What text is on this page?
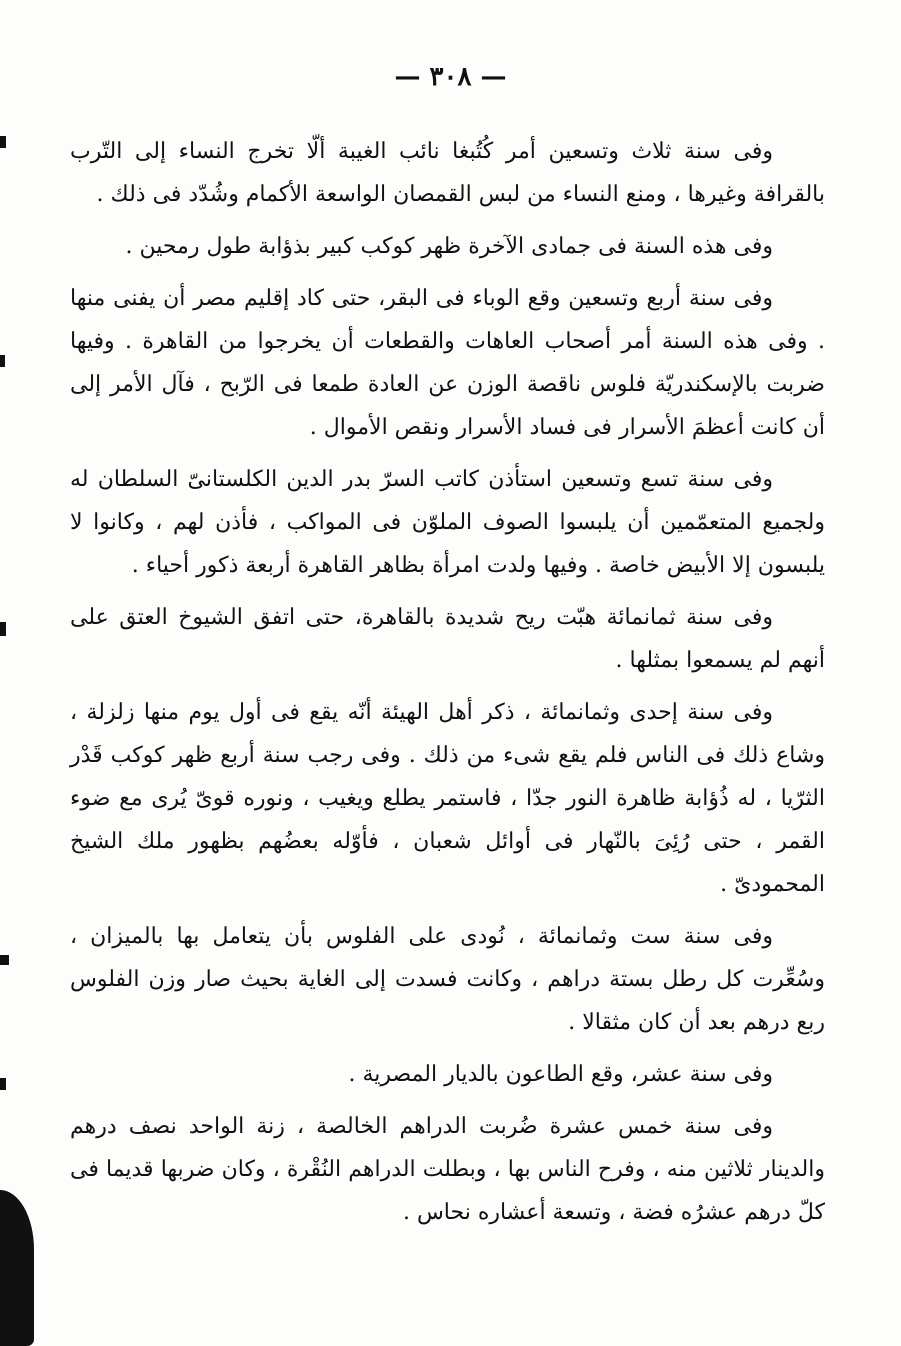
— ٣٠٨ —

وفى سنة ثلاث وتسعين أمر كُتُبغا نائب الغيبة ألّا تخرج النساء إلى التّرب بالقرافة وغيرها ، ومنع النساء من لبس القمصان الواسعة الأكمام وشُدّد فى ذلك .

وفى هذه السنة فى جمادى الآخرة ظهر كوكب كبير بذؤابة طول رمحين .

وفى سنة أربع وتسعين وقع الوباء فى البقر، حتى كاد إقليم مصر أن يفنى منها . وفى هذه السنة أمر أصحاب العاهات والقطعات أن يخرجوا من القاهرة . وفيها ضربت بالإسكندريّة فلوس ناقصة الوزن عن العادة طمعا فى الرّبح ، فآل الأمر إلى أن كانت أعظمَ الأسرار فى فساد الأسرار ونقص الأموال .

وفى سنة تسع وتسعين استأذن كاتب السرّ بدر الدين الكلستانىّ السلطان له ولجميع المتعمّمين أن يلبسوا الصوف الملوّن فى المواكب ، فأذن لهم ، وكانوا لا يلبسون إلا الأبيض خاصة . وفيها ولدت امرأة بظاهر القاهرة أربعة ذكور أحياء .

وفى سنة ثمانمائة هبّت ريح شديدة بالقاهرة، حتى اتفق الشيوخ العتق على أنهم لم يسمعوا بمثلها .

وفى سنة إحدى وثمانمائة ، ذكر أهل الهيئة أنّه يقع فى أول يوم منها زلزلة ، وشاع ذلك فى الناس فلم يقع شىء من ذلك . وفى رجب سنة أربع ظهر كوكب قَدْر الثرّيا ، له ذُؤابة ظاهرة النور جدّا ، فاستمر يطلع ويغيب ، ونوره قوىّ يُرى مع ضوء القمر ، حتى رُئِىَ بالنّهار فى أوائل شعبان ، فأوّله بعضُهم بظهور ملك الشيخ المحمودىّ .

وفى سنة ست وثمانمائة ، نُودى على الفلوس بأن يتعامل بها بالميزان ، وسُعِّرت كل رطل بستة دراهم ، وكانت فسدت إلى الغاية بحيث صار وزن الفلوس ربع درهم بعد أن كان مثقالا .

وفى سنة عشر، وقع الطاعون بالديار المصرية .

وفى سنة خمس عشرة ضُربت الدراهم الخالصة ، زنة الواحد نصف درهم والدينار ثلاثين منه ، وفرح الناس بها ، وبطلت الدراهم النُقْرة ، وكان ضربها قديما فى كلّ درهم عشرُه فضة ، وتسعة أعشاره نحاس .
